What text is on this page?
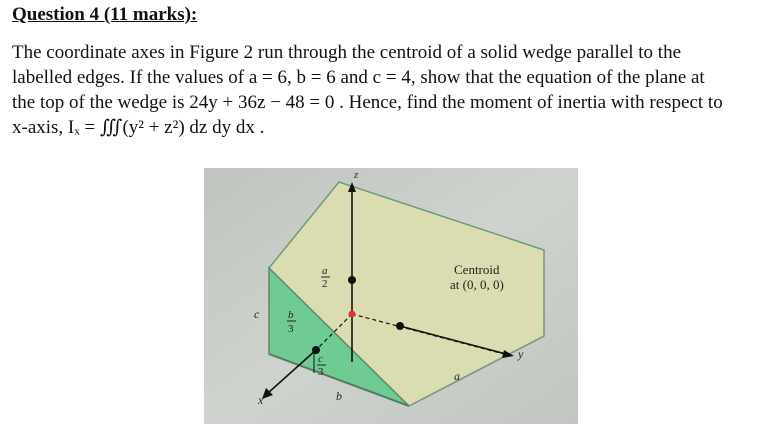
Question 4 (11 marks):

The coordinate axes in Figure 2 run through the centroid of a solid wedge parallel to the
labelled edges. If the values of a = 6, b = 6 and c = 4, show that the equation of the plane at
the top of the wedge is 24y + 36z − 48 = 0 . Hence, find the moment of inertia with respect to
x-axis, Iₓ = ∭(y² + z²) dz dy dx .

z
y
x
Centroid
at (0, 0, 0)
c
b
a
a
2
b
3
c
3
